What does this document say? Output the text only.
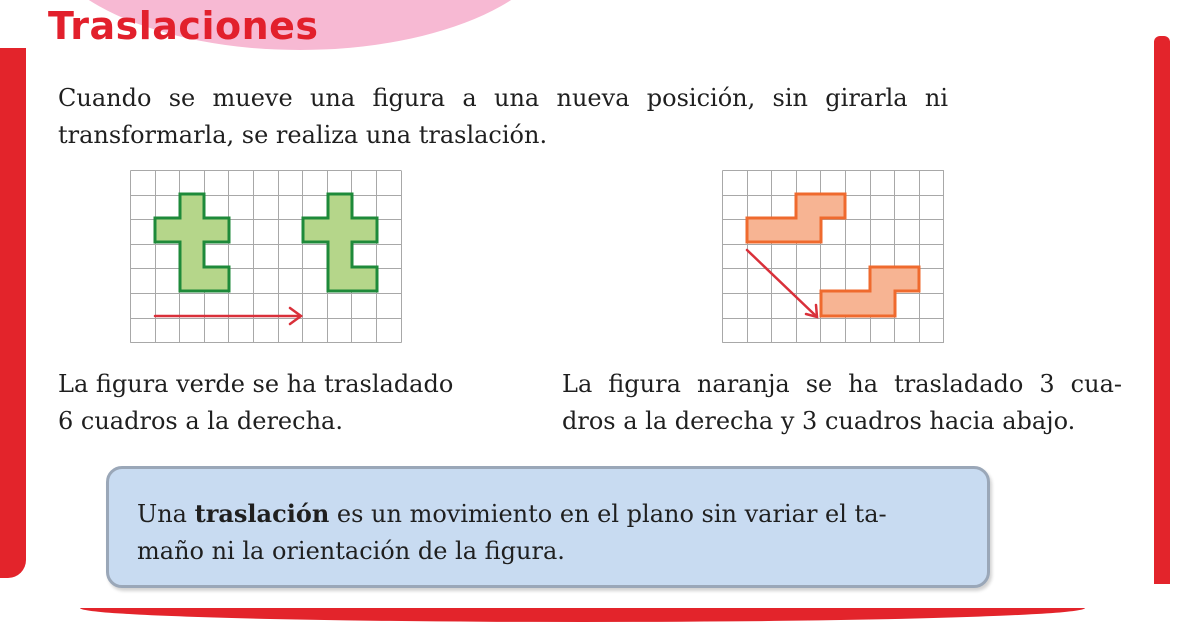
Traslaciones
Cuando se mueve una figura a una nueva posición, sin girarla ni transformarla, se realiza una traslación.
La figura verde se ha trasladado
6 cuadros a la derecha.
La figura naranja se ha trasladado 3 cua-
dros a la derecha y 3 cuadros hacia abajo.
Una traslación es un movimiento en el plano sin variar el ta-
maño ni la orientación de la figura.
